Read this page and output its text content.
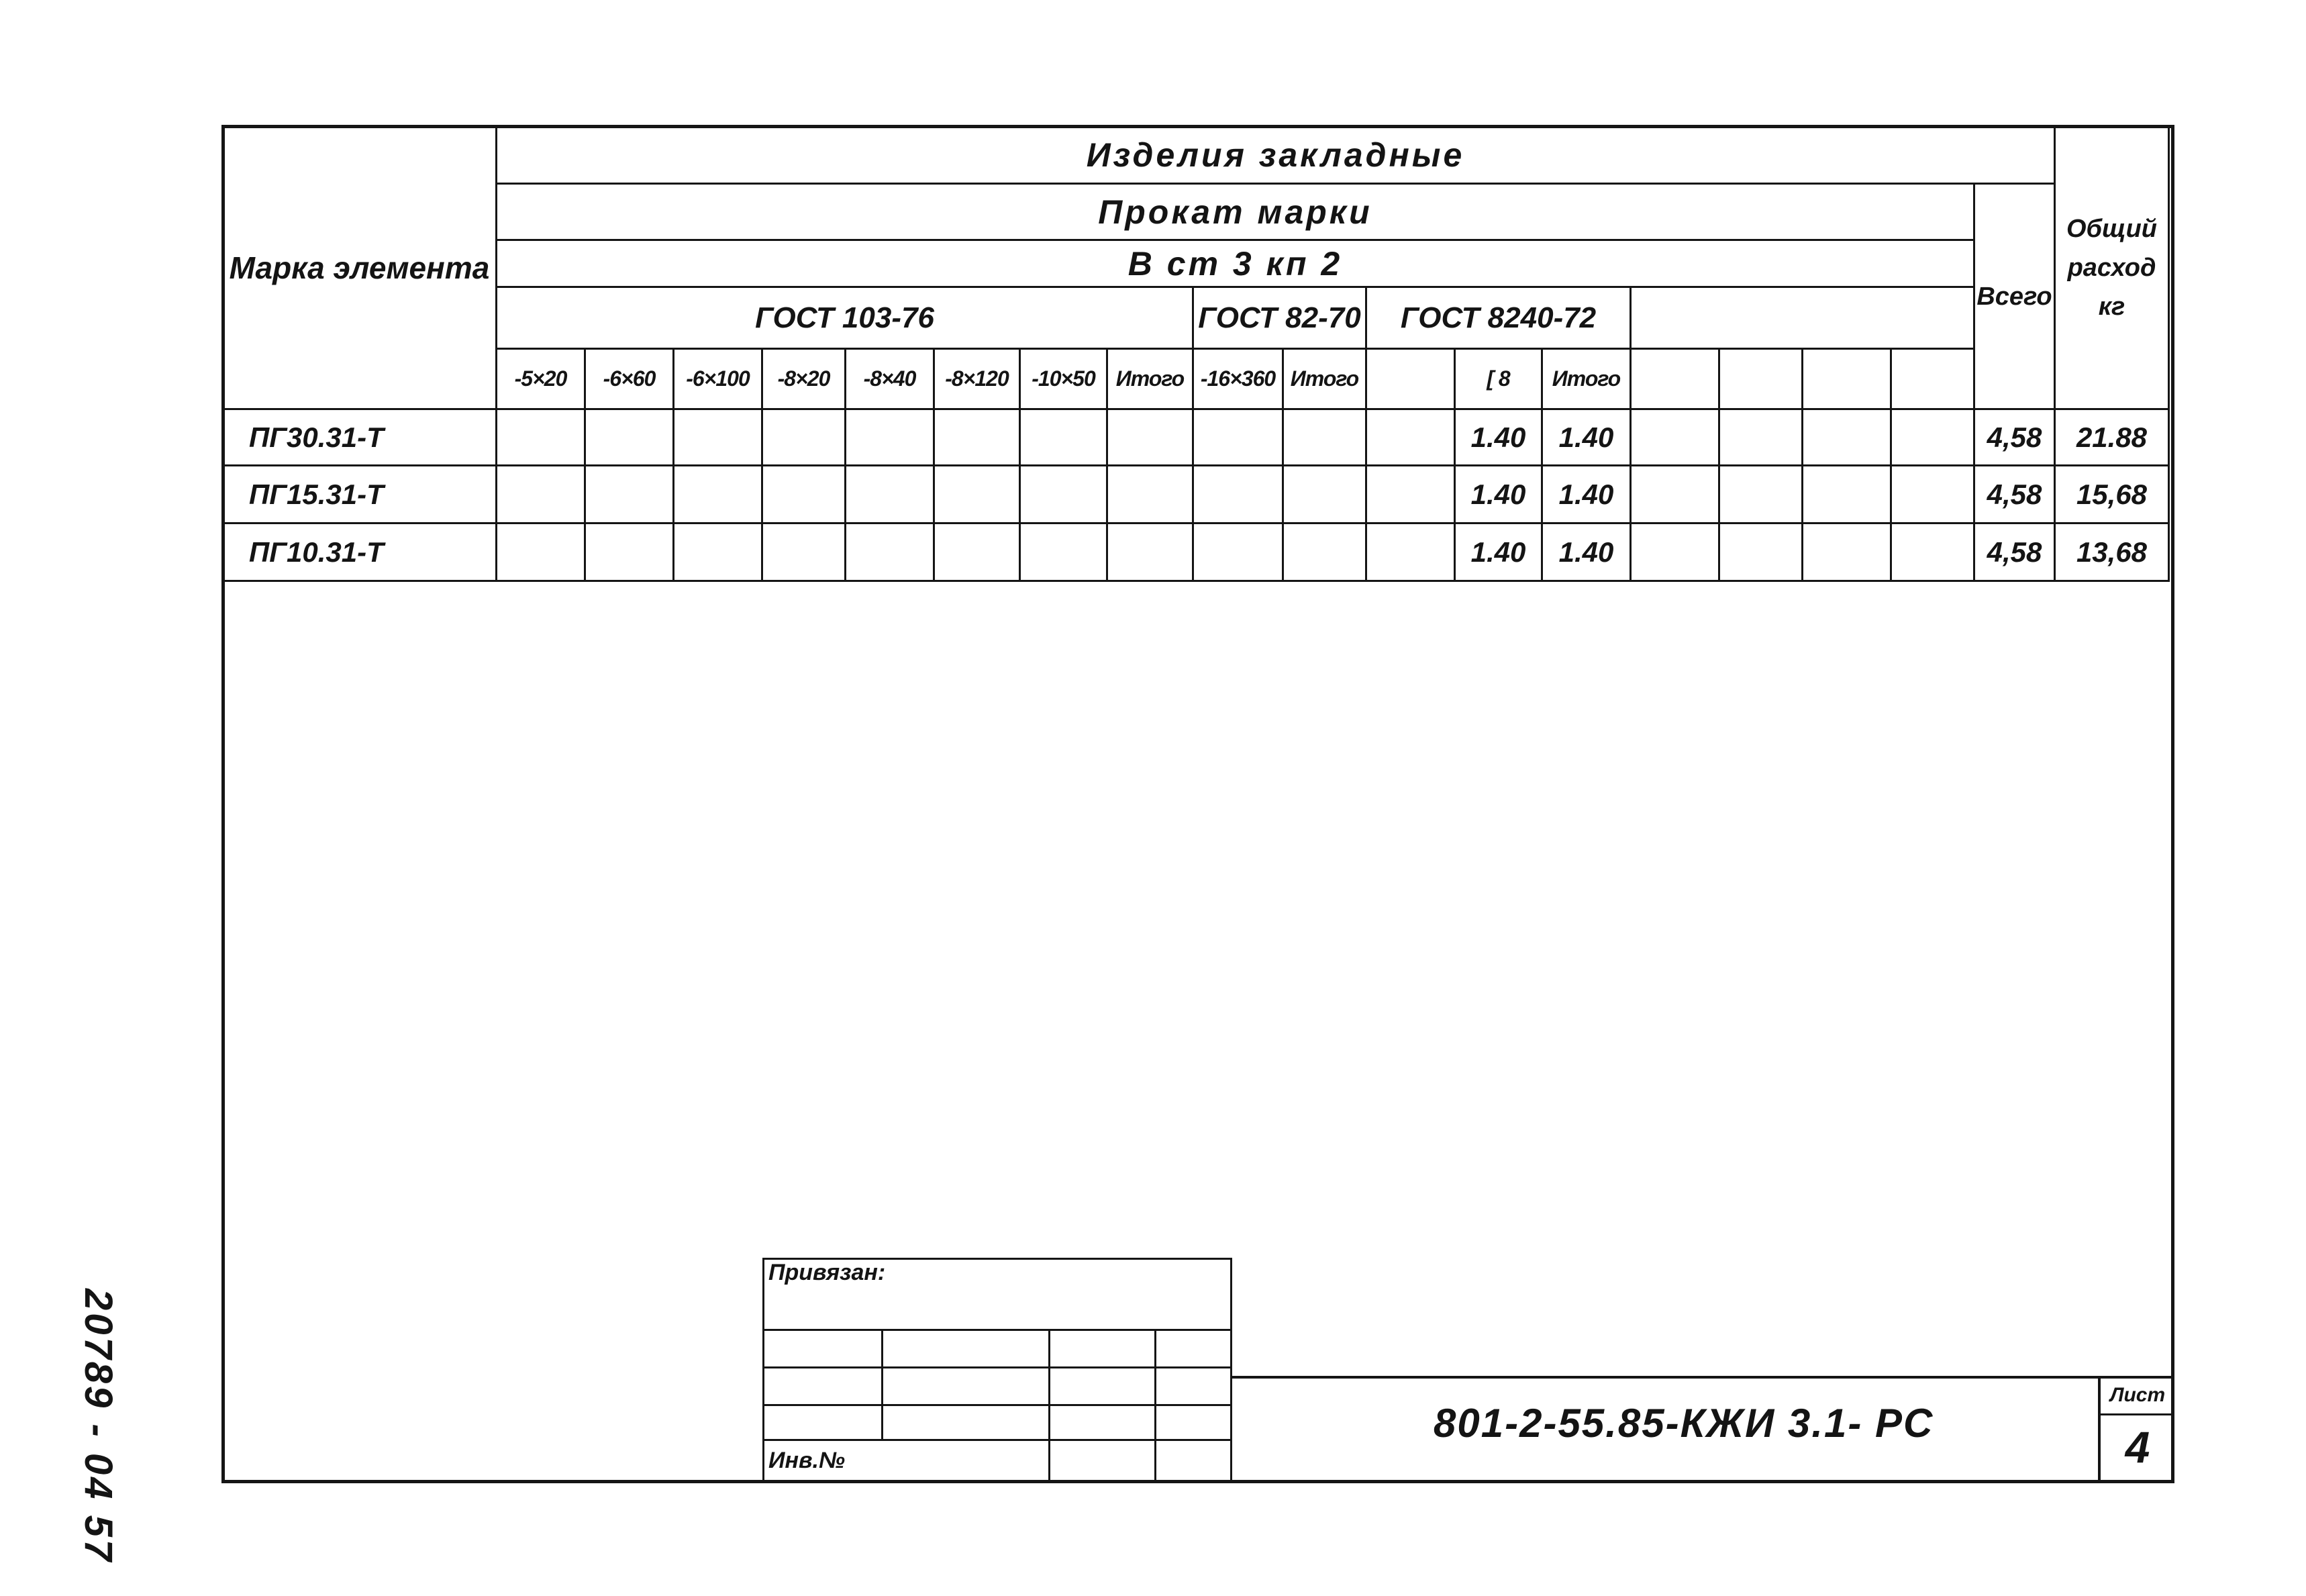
20789 - 04 57
Марка элемента	Изделия закладные																		Общий расход кг
	Прокат марки																	Всего	
	В ст 3 кп 2																		
	ГОСТ 103-76								ГОСТ 82-70		ГОСТ 8240-72								
	-5×20	-6×60	-6×100	-8×20	-8×40	-8×120	-10×50	Итого	-16×360	Итого		[ 8	Итого						
ПГ30.31-Т												1.40	1.40					4,58	21.88
ПГ15.31-Т												1.40	1.40					4,58	15,68
ПГ10.31-Т												1.40	1.40					4,58	13,68
Привязан:			

Инв.№			
801-2-55.85-КЖИ 3.1- РС
Лист
4
